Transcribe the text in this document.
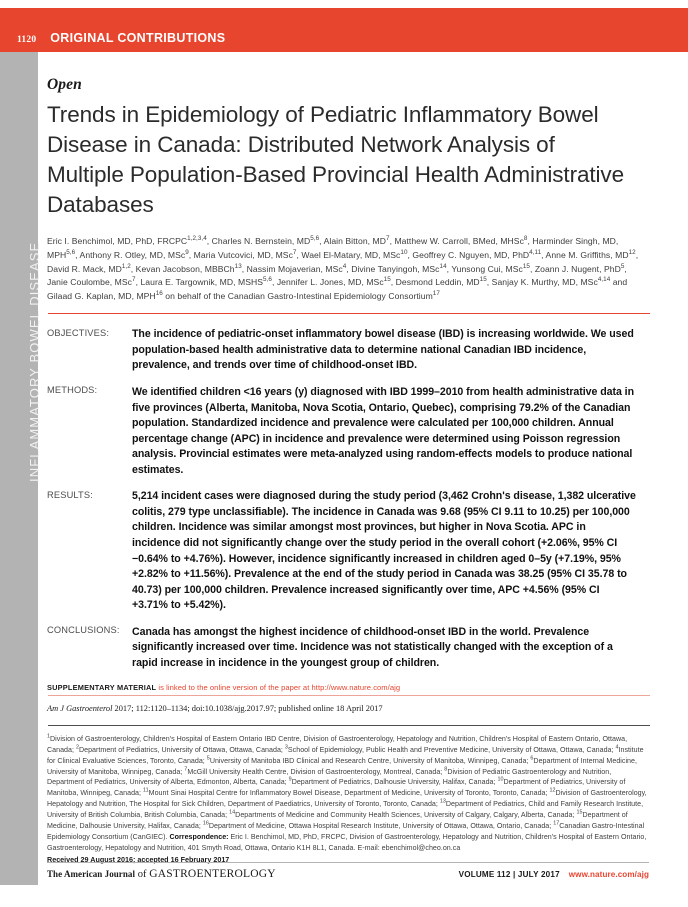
1120 ORIGINAL CONTRIBUTIONS
INFLAMMATORY BOWEL DISEASE
Open
Trends in Epidemiology of Pediatric Inflammatory Bowel Disease in Canada: Distributed Network Analysis of Multiple Population-Based Provincial Health Administrative Databases
Eric I. Benchimol, MD, PhD, FRCPC$^{1,2,3,4}$, Charles N. Bernstein, MD$^{5,6}$, Alain Bitton, $MD^7$, Matthew W. Carroll, BMed, MHSc$^8$, Harminder Singh, MD, MPH$^{5,6}$, Anthony R. Otley, MD, MSc$^9$, Maria Vutcovici, MD, MSc$^7$, Wael El-Matary, MD, MSc$^{10}$, Geoffrey C. Nguyen, MD, PhD$^{4,11}$, Anne M. Griffiths, MD$^{12}$, David R. Mack, MD$^{1,2}$, Kevan Jacobson, MBBCh$^{13}$, Nassim Mojaverian, MSc$^4$, Divine Tanyingoh, MSc$^{14}$, Yunsong Cui, MSc$^{15}$, Zoann J. Nugent, PhD$^5$, Janie Coulombe, MSc$^7$, Laura E. Targownik, MD, MSHS$^{5,6}$, Jennifer L. Jones, MD, MSc$^{15}$, Desmond Leddin, MD$^{15}$, Sanjay K. Murthy, MD, MSc$^{4,14}$ and Gilaad G. Kaplan, MD, MPH$^{16}$ on behalf of the Canadian Gastro-Intestinal Epidemiology Consortium$^{17}$
OBJECTIVES:	The incidence of pediatric-onset inflammatory bowel disease (IBD) is increasing worldwide. We used population-based health administrative data to determine national Canadian IBD incidence, prevalence, and trends over time of childhood-onset IBD.
METHODS:	We identified children <16 years (y) diagnosed with IBD 1999–2010 from health administrative data in five provinces (Alberta, Manitoba, Nova Scotia, Ontario, Quebec), comprising 79.2% of the Canadian population. Standardized incidence and prevalence were calculated per 100,000 children. Annual percentage change (APC) in incidence and prevalence were determined using Poisson regression analysis. Provincial estimates were meta-analyzed using random-effects models to produce national estimates.
RESULTS:	5,214 incident cases were diagnosed during the study period (3,462 Crohn's disease, 1,382 ulcerative colitis, 279 type unclassifiable). The incidence in Canada was 9.68 (95% CI 9.11 to 10.25) per 100,000 children. Incidence was similar amongst most provinces, but higher in Nova Scotia. APC in incidence did not significantly change over the study period in the overall cohort (+2.06%, 95% CI −0.64% to +4.76%). However, incidence significantly increased in children aged 0–5y (+7.19%, 95% +2.82% to +11.56%). Prevalence at the end of the study period in Canada was 38.25 (95% CI 35.78 to 40.73) per 100,000 children. Prevalence increased significantly over time, APC +4.56% (95% CI +3.71% to +5.42%).
CONCLUSIONS:	Canada has amongst the highest incidence of childhood-onset IBD in the world. Prevalence significantly increased over time. Incidence was not statistically changed with the exception of a rapid increase in incidence in the youngest group of children.
SUPPLEMENTARY MATERIAL is linked to the online version of the paper at http://www.nature.com/ajg
Am J Gastroenterol 2017; 112:1120–1134; doi:10.1038/ajg.2017.97; published online 18 April 2017
$^1$Division of Gastroenterology, Children's Hospital of Eastern Ontario IBD Centre, Division of Gastroenterology, Hepatology and Nutrition, Children's Hospital of Eastern Ontario, Ottawa, Canada; $^2$Department of Pediatrics, University of Ottawa, Ottawa, Canada; $^3$School of Epidemiology, Public Health and Preventive Medicine, University of Ottawa, Ottawa, Canada; $^4$Institute for Clinical Evaluative Sciences, Toronto, Canada; $^5$University of Manitoba IBD Clinical and Research Centre, University of Manitoba, Winnipeg, Canada; $^6$Department of Internal Medicine, University of Manitoba, Winnipeg, Canada; $^7$McGill University Health Centre, Division of Gastroenterology, Montreal, Canada; $^8$Division of Pediatric Gastroenterology and Nutrition, Department of Pediatrics, University of Alberta, Edmonton, Alberta, Canada; $^9$Department of Pediatrics, Dalhousie University, Halifax, Canada; $^{10}$Department of Pediatrics, University of Manitoba, Winnipeg, Canada; $^{11}$Mount Sinai Hospital Centre for Inflammatory Bowel Disease, Department of Medicine, University of Toronto, Toronto, Canada; $^{12}$Division of Gastroenterology, Hepatology and Nutrition, The Hospital for Sick Children, Department of Paediatrics, University of Toronto, Toronto, Canada; $^{13}$Department of Pediatrics, Child and Family Research Institute, University of British Columbia, British Columbia, Canada; $^{14}$Departments of Medicine and Community Health Sciences, University of Calgary, Calgary, Alberta, Canada; $^{15}$Department of Medicine, Dalhousie University, Halifax, Canada; $^{16}$Department of Medicine, Ottawa Hospital Research Institute, University of Ottawa, Ottawa, Ontario, Canada; $^{17}$Canadian Gastro-Intestinal Epidemiology Consortium (CanGIEC). Correspondence: Eric I. Benchimol, MD, PhD, FRCPC, Division of Gastroenterology, Hepatology and Nutrition, Children's Hospital of Eastern Ontario, Gastroenterology, Hepatology and Nutrition, 401 Smyth Road, Ottawa, Ontario K1H 8L1, Canada. E-mail: ebenchimol@cheo.on.ca
Received 29 August 2016; accepted 16 February 2017
The American Journal of GASTROENTEROLOGY	VOLUME 112 | JULY 2017 www.nature.com/ajg
